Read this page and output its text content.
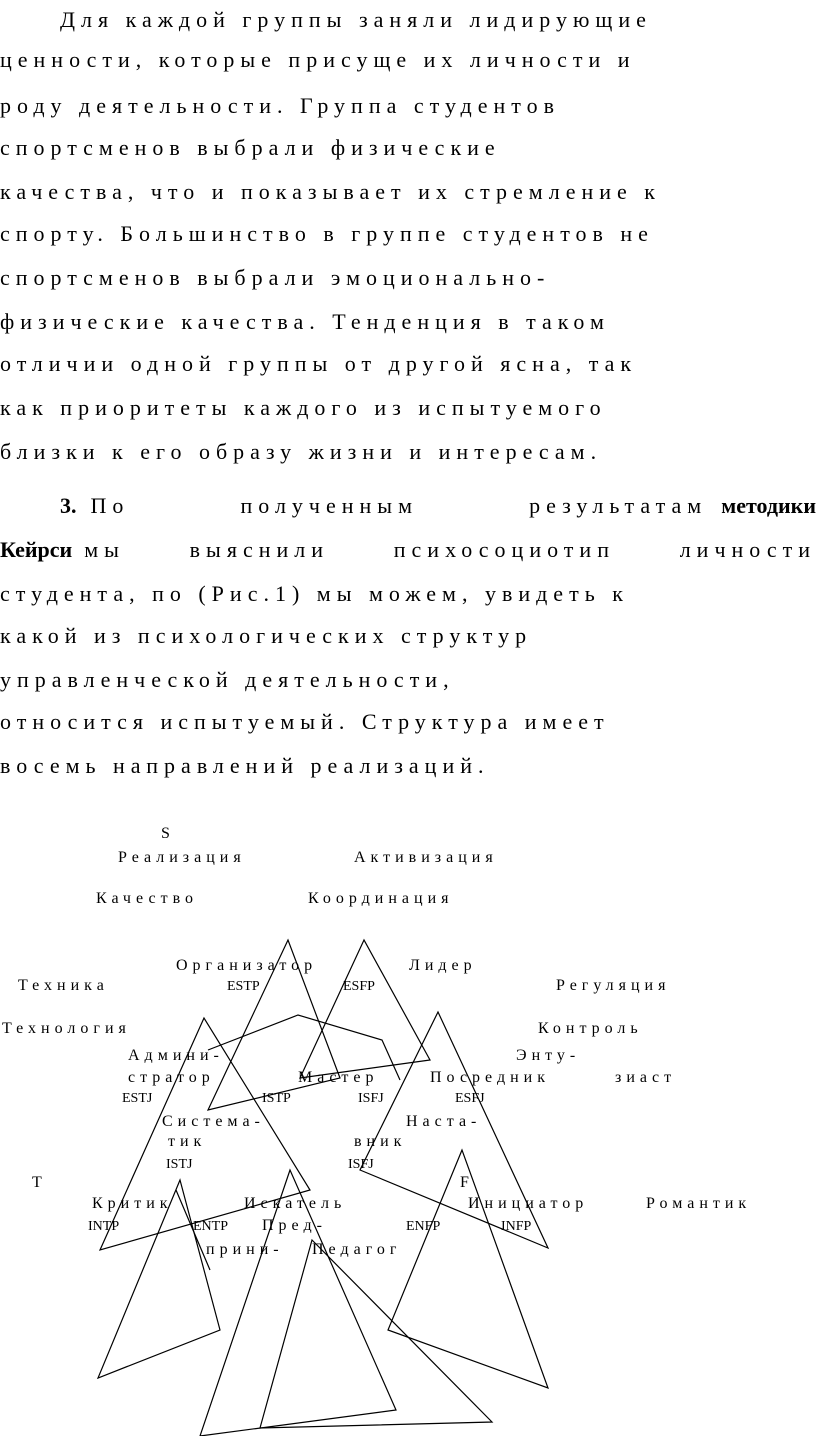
Для каждой группы заняли лидирующие
ценности, которые присуще их личности и
роду деятельности. Группа студентов
спортсменов выбрали физические
качества, что и показывает их стремление к
спорту. Большинство в группе студентов не
спортсменов выбрали эмоционально-
физические качества. Тенденция в таком
отличии одной группы от другой ясна, так
как приоритеты каждого из испытуемого
близки к его образу жизни и интересам.
3. По полученным результатам методики
Кейрси мы выяснили психосоциотип личности
студента, по (Рис.1) мы можем, увидеть к
какой из психологических структур
управленческой деятельности,
относится испытуемый. Структура имеет
восемь направлений реализаций.
S
Реализация	Активизация
Качество	Координация
Организатор	Лидер
Техника	ESTP	ESFP	Регуляция
Технология	Контроль
Админи-	Энту-
стратор	Мастер	Посредник	зиаст
ESTJ	ISTP	ISFJ	ESFJ
Система-	Наста-
тик	вник
ISTJ	ISFJ
T	F
Критик	Искатель	Инициатор	Романтик
INTP	ENTP Пред-	ENFP	INFP
прини- Педагог
